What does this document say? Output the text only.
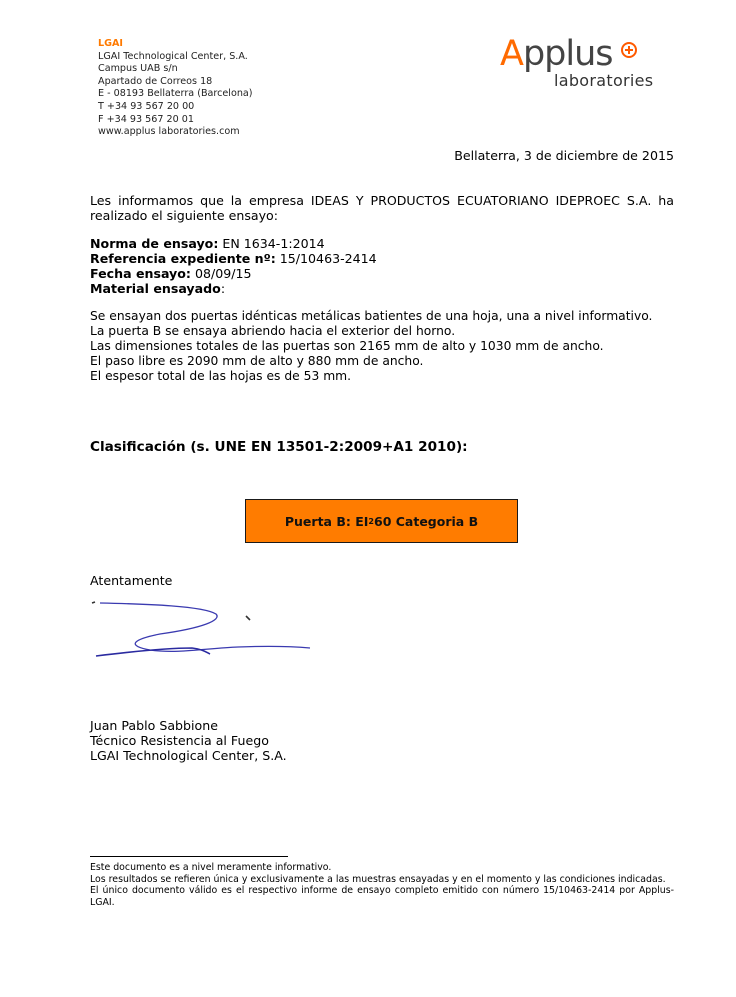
LGAI
LGAI Technological Center, S.A.
Campus UAB s/n
Apartado de Correos 18
E - 08193 Bellaterra (Barcelona)
T +34 93 567 20 00
F +34 93 567 20 01
www.applus laboratories.com
Applus
laboratories
Bellaterra, 3 de diciembre de 2015
Les informamos que la empresa IDEAS Y PRODUCTOS ECUATORIANO IDEPROEC S.A. ha
realizado el siguiente ensayo:
Norma de ensayo: EN 1634-1:2014
Referencia expediente nº: 15/10463-2414
Fecha ensayo: 08/09/15
Material ensayado:
Se ensayan dos puertas idénticas metálicas batientes de una hoja, una a nivel informativo.
La puerta B se ensaya abriendo hacia el exterior del horno.
Las dimensiones totales de las puertas son 2165 mm de alto y 1030 mm de ancho.
El paso libre es 2090 mm de alto y 880 mm de ancho.
El espesor total de las hojas es de 53 mm.
Clasificación (s. UNE EN 13501-2:2009+A1 2010):
Puerta B: EI 2 60 Categoria B
Atentamente
Juan Pablo Sabbione
Técnico Resistencia al Fuego
LGAI Technological Center, S.A.
Este documento es a nivel meramente informativo.
Los resultados se refieren única y exclusivamente a las muestras ensayadas y en el momento y las condiciones indicadas.
El único documento válido es el respectivo informe de ensayo completo emitido con número 15/10463-2414 por Applus-LGAI.
